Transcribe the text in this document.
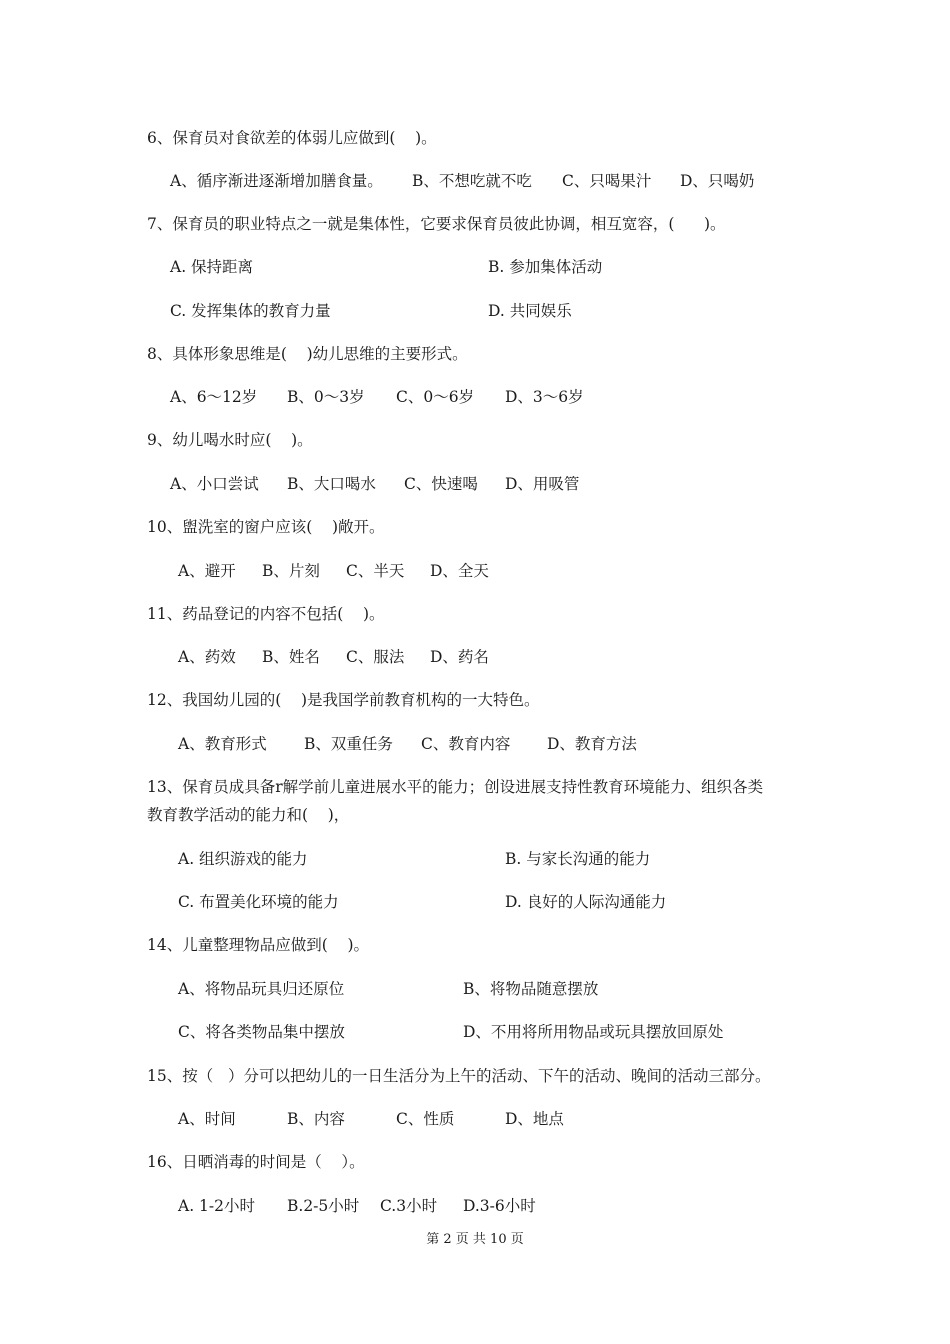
6、保育员对食欲差的体弱儿应做到(    )。
A、循序渐进逐渐增加膳食量。 B、不想吃就不吃 C、只喝果汁 D、只喝奶
7、保育员的职业特点之一就是集体性，它要求保育员彼此协调，相互宽容，(      )。
A. 保持距离	B. 参加集体活动
C. 发挥集体的教育力量	D. 共同娱乐
8、具体形象思维是(    )幼儿思维的主要形式。
A、6～12岁 B、0～3岁 C、0～6岁 D、3～6岁
9、幼儿喝水时应(    )。
A、小口尝试 B、大口喝水 C、快速喝 D、用吸管
10、盥洗室的窗户应该(    )敞开。
A、避开 B、片刻 C、半天 D、全天
11、药品登记的内容不包括(    )。
A、药效 B、姓名 C、服法 D、药名
12、我国幼儿园的(    )是我国学前教育机构的一大特色。
A、教育形式 B、双重任务 C、教育内容 D、教育方法
13、保育员成具备r解学前儿童进展水平的能力；创设进展支持性教育环境能力、组织各类
教育教学活动的能力和(    )，
A. 组织游戏的能力	B. 与家长沟通的能力
C. 布置美化环境的能力	D. 良好的人际沟通能力
14、儿童整理物品应做到(    )。
A、将物品玩具归还原位	B、将物品随意摆放
C、将各类物品集中摆放	D、不用将所用物品或玩具摆放回原处
15、按（   ）分可以把幼儿的一日生活分为上午的活动、下午的活动、晚间的活动三部分。
A、时间	B、内容	C、性质	D、地点
16、日晒消毒的时间是（    ）。
A. 1-2小时 B.2-5小时 C.3小时 D.3-6小时
第 2 页 共 10 页
